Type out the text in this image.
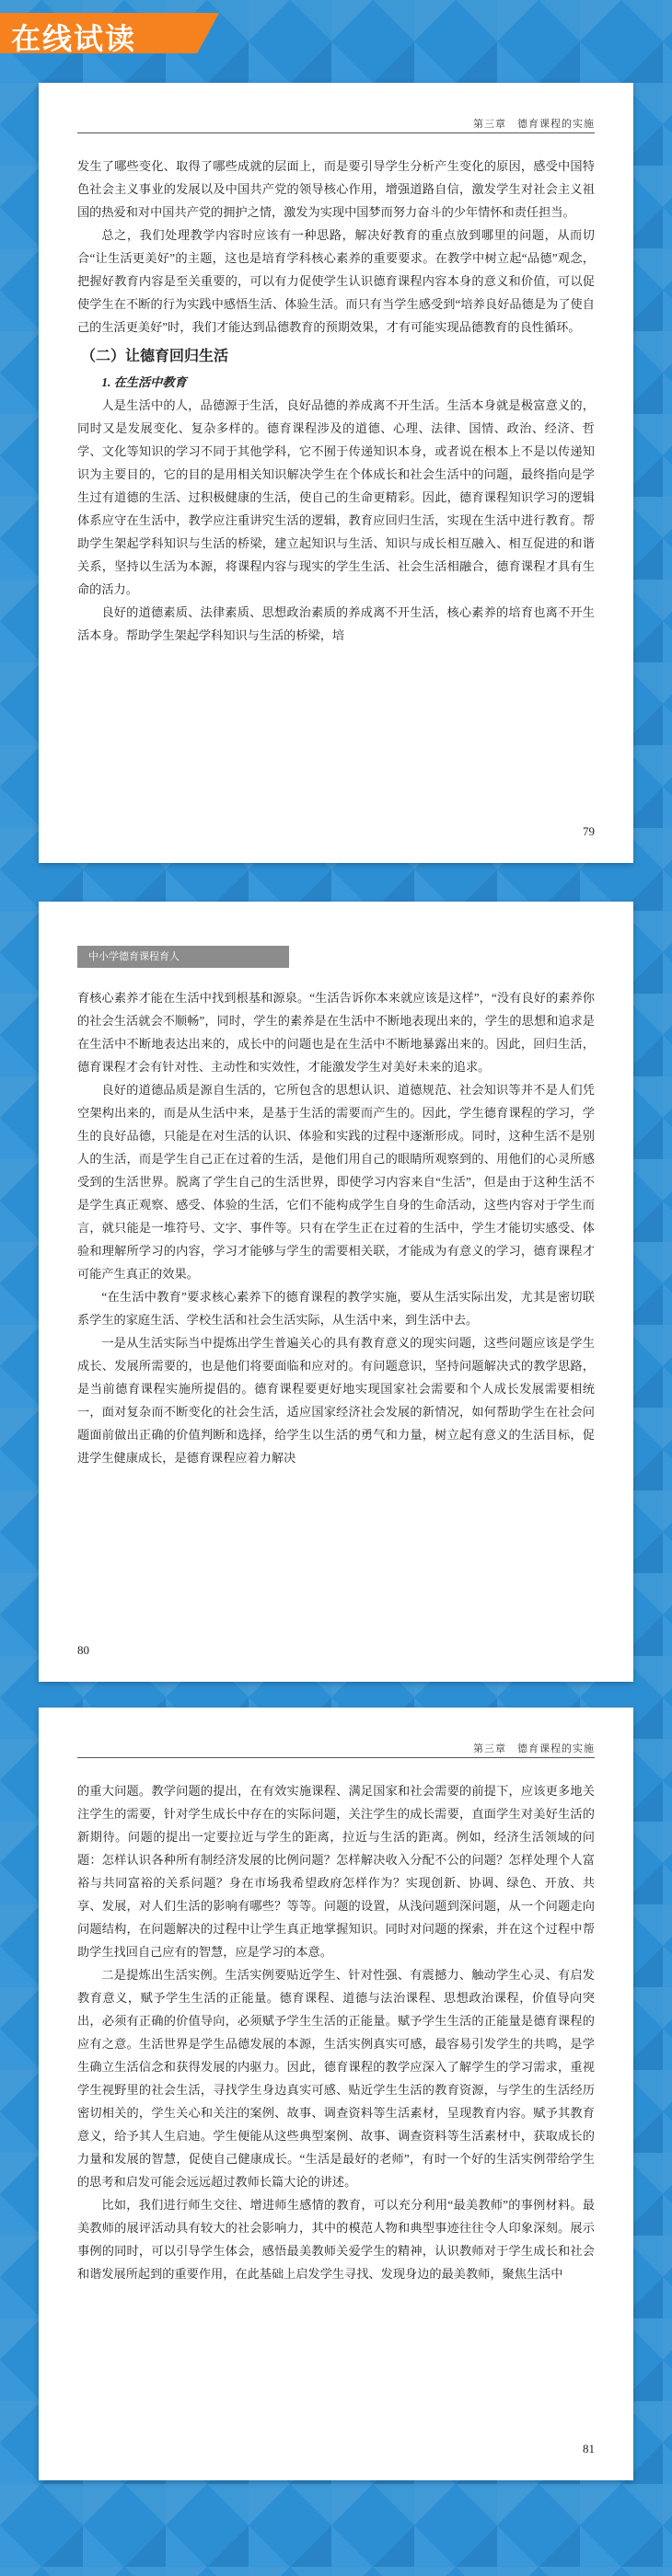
在线试读
第三章　德育课程的实施

发生了哪些变化、取得了哪些成就的层面上，而是要引导学生分析产生变化的原因，感受中国特色社会主义事业的发展以及中国共产党的领导核心作用，增强道路自信，激发学生对社会主义祖国的热爱和对中国共产党的拥护之情，激发为实现中国梦而努力奋斗的少年情怀和责任担当。

总之，我们处理教学内容时应该有一种思路，解决好教育的重点放到哪里的问题，从而切合“让生活更美好”的主题，这也是培育学科核心素养的重要要求。在教学中树立起“品德”观念，把握好教育内容是至关重要的，可以有力促使学生认识德育课程内容本身的意义和价值，可以促使学生在不断的行为实践中感悟生活、体验生活。而只有当学生感受到“培养良好品德是为了使自己的生活更美好”时，我们才能达到品德教育的预期效果，才有可能实现品德教育的良性循环。

（二）让德育回归生活
1. 在生活中教育

人是生活中的人，品德源于生活，良好品德的养成离不开生活。生活本身就是极富意义的，同时又是发展变化、复杂多样的。德育课程涉及的道德、心理、法律、国情、政治、经济、哲学、文化等知识的学习不同于其他学科，它不囿于传递知识本身，或者说在根本上不是以传递知识为主要目的，它的目的是用相关知识解决学生在个体成长和社会生活中的问题，最终指向是学生过有道德的生活、过积极健康的生活，使自己的生命更精彩。因此，德育课程知识学习的逻辑体系应守在生活中，教学应注重讲究生活的逻辑，教育应回归生活，实现在生活中进行教育。帮助学生架起学科知识与生活的桥梁，建立起知识与生活、知识与成长相互融入、相互促进的和谐关系，坚持以生活为本源，将课程内容与现实的学生生活、社会生活相融合，德育课程才具有生命的活力。

良好的道德素质、法律素质、思想政治素质的养成离不开生活，核心素养的培育也离不开生活本身。帮助学生架起学科知识与生活的桥梁，培

79
中小学德育课程育人

育核心素养才能在生活中找到根基和源泉。“生活告诉你本来就应该是这样”，“没有良好的素养你的社会生活就会不顺畅”，同时，学生的素养是在生活中不断地表现出来的，学生的思想和追求是在生活中不断地表达出来的，成长中的问题也是在生活中不断地暴露出来的。因此，回归生活，德育课程才会有针对性、主动性和实效性，才能激发学生对美好未来的追求。

良好的道德品质是源自生活的，它所包含的思想认识、道德规范、社会知识等并不是人们凭空架构出来的，而是从生活中来，是基于生活的需要而产生的。因此，学生德育课程的学习，学生的良好品德，只能是在对生活的认识、体验和实践的过程中逐渐形成。同时，这种生活不是别人的生活，而是学生自己正在过着的生活，是他们用自己的眼睛所观察到的、用他们的心灵所感受到的生活世界。脱离了学生自己的生活世界，即使学习内容来自“生活”，但是由于这种生活不是学生真正观察、感受、体验的生活，它们不能构成学生自身的生命活动，这些内容对于学生而言，就只能是一堆符号、文字、事件等。只有在学生正在过着的生活中，学生才能切实感受、体验和理解所学习的内容，学习才能够与学生的需要相关联，才能成为有意义的学习，德育课程才可能产生真正的效果。

“在生活中教育”要求核心素养下的德育课程的教学实施，要从生活实际出发，尤其是密切联系学生的家庭生活、学校生活和社会生活实际，从生活中来，到生活中去。

一是从生活实际当中提炼出学生普遍关心的具有教育意义的现实问题，这些问题应该是学生成长、发展所需要的，也是他们将要面临和应对的。有问题意识，坚持问题解决式的教学思路，是当前德育课程实施所提倡的。德育课程要更好地实现国家社会需要和个人成长发展需要相统一，面对复杂而不断变化的社会生活，适应国家经济社会发展的新情况，如何帮助学生在社会问题面前做出正确的价值判断和选择，给学生以生活的勇气和力量，树立起有意义的生活目标，促进学生健康成长，是德育课程应着力解决

80
第三章　德育课程的实施

的重大问题。教学问题的提出，在有效实施课程、满足国家和社会需要的前提下，应该更多地关注学生的需要，针对学生成长中存在的实际问题，关注学生的成长需要，直面学生对美好生活的新期待。问题的提出一定要拉近与学生的距离，拉近与生活的距离。例如，经济生活领域的问题：怎样认识各种所有制经济发展的比例问题？怎样解决收入分配不公的问题？怎样处理个人富裕与共同富裕的关系问题？身在市场我希望政府怎样作为？实现创新、协调、绿色、开放、共享、发展，对人们生活的影响有哪些？等等。问题的设置，从浅问题到深问题，从一个问题走向问题结构，在问题解决的过程中让学生真正地掌握知识。同时对问题的探索，并在这个过程中帮助学生找回自己应有的智慧，应是学习的本意。

二是提炼出生活实例。生活实例要贴近学生、针对性强、有震撼力、触动学生心灵、有启发教育意义，赋予学生生活的正能量。德育课程、道德与法治课程、思想政治课程，价值导向突出，必须有正确的价值导向，必须赋予学生生活的正能量。赋予学生生活的正能量是德育课程的应有之意。生活世界是学生品德发展的本源，生活实例真实可感，最容易引发学生的共鸣，是学生确立生活信念和获得发展的内驱力。因此，德育课程的教学应深入了解学生的学习需求，重视学生视野里的社会生活，寻找学生身边真实可感、贴近学生生活的教育资源，与学生的生活经历密切相关的，学生关心和关注的案例、故事、调查资料等生活素材，呈现教育内容。赋予其教育意义，给予其人生启迪。学生便能从这些典型案例、故事、调查资料等生活素材中，获取成长的力量和发展的智慧，促使自己健康成长。“生活是最好的老师”，有时一个好的生活实例带给学生的思考和启发可能会远远超过教师长篇大论的讲述。

比如，我们进行师生交往、增进师生感情的教育，可以充分利用“最美教师”的事例材料。最美教师的展评活动具有较大的社会影响力，其中的模范人物和典型事迹往往令人印象深刻。展示事例的同时，可以引导学生体会，感悟最美教师关爱学生的精神，认识教师对于学生成长和社会和谐发展所起到的重要作用，在此基础上启发学生寻找、发现身边的最美教师，聚焦生活中

81
